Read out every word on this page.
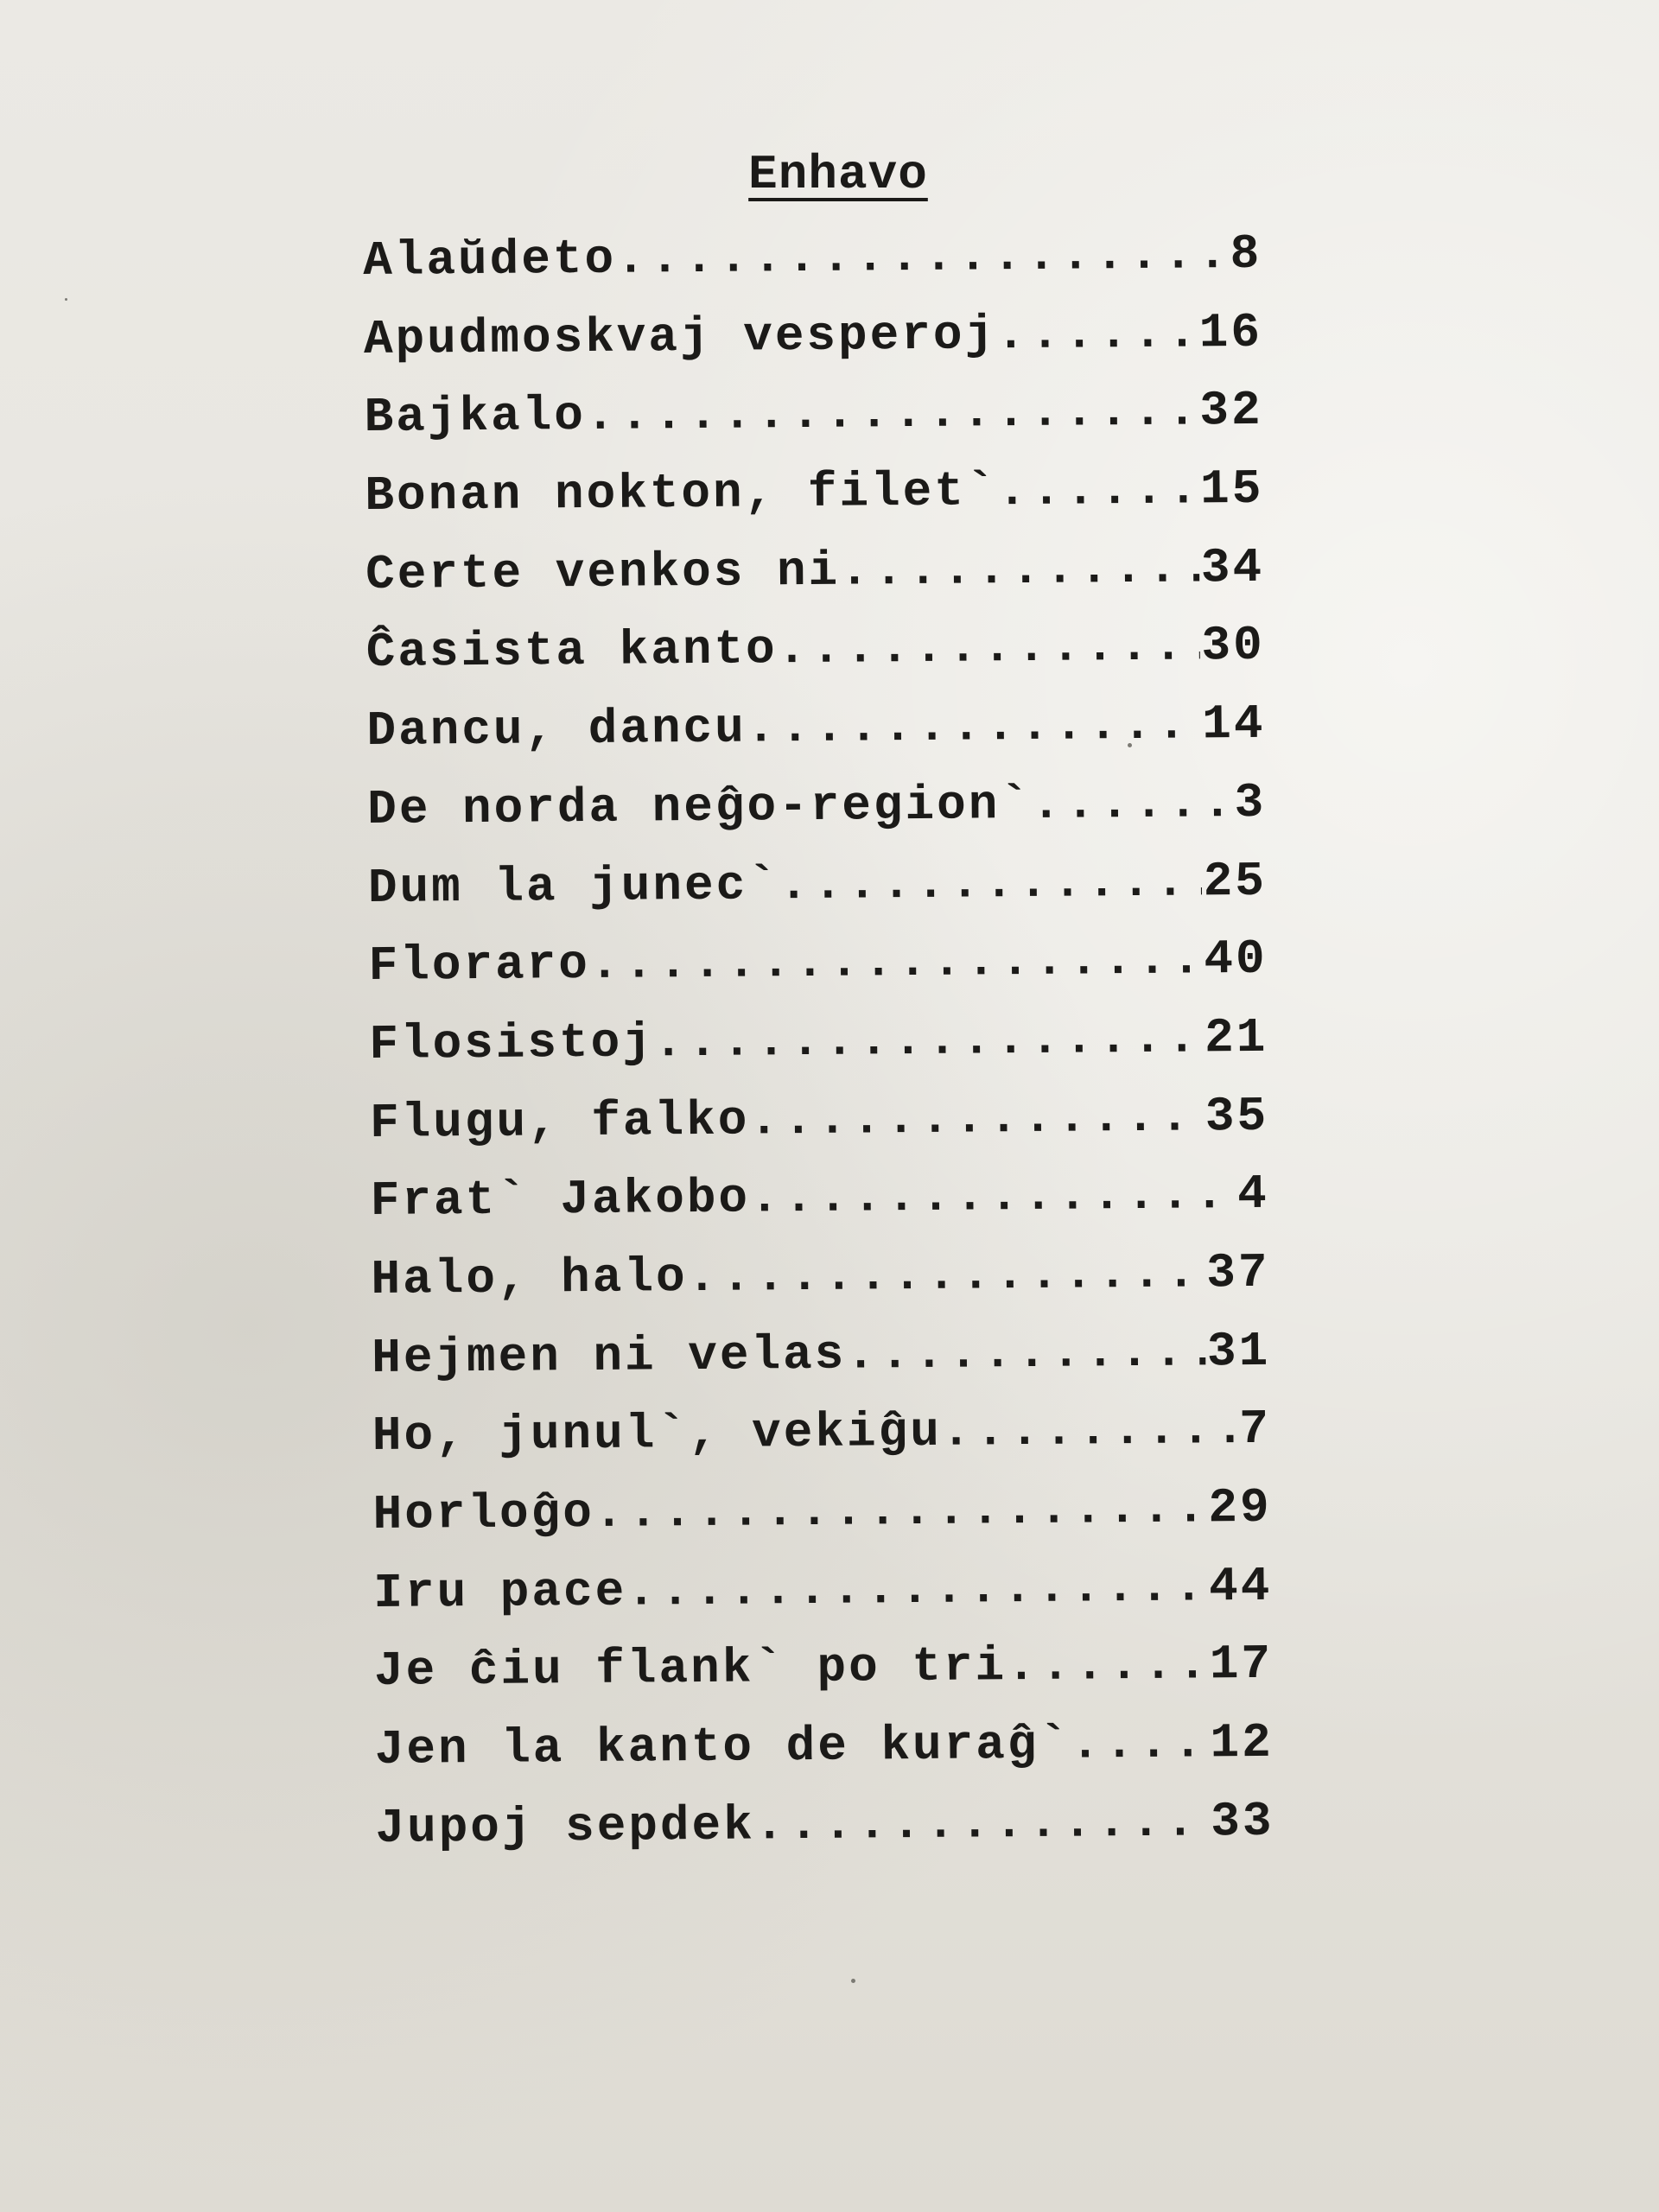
Enhavo
Alaŭdeto .....	8
Apudmoskvaj vesperoj .....	16
Bajkalo .....	32
Bonan nokton, filet` .....	15
Certe venkos ni .....	34
Ĉasista kanto .....	30
Dancu, dancu .....	14
De norda neĝo-region` .....	3
Dum la junec` .....	25
Floraro .....	40
Flosistoj .....	21
Flugu, falko .....	35
Frat` Jakobo .....	4
Halo, halo .....	37
Hejmen ni velas .....	31
Ho, junul`, vekiĝu .....	7
Horloĝo .....	29
Iru pace .....	44
Je ĉiu flank` po tri .....	17
Jen la kanto de kuraĝ` .....	12
Jupoj sepdek .....	33
